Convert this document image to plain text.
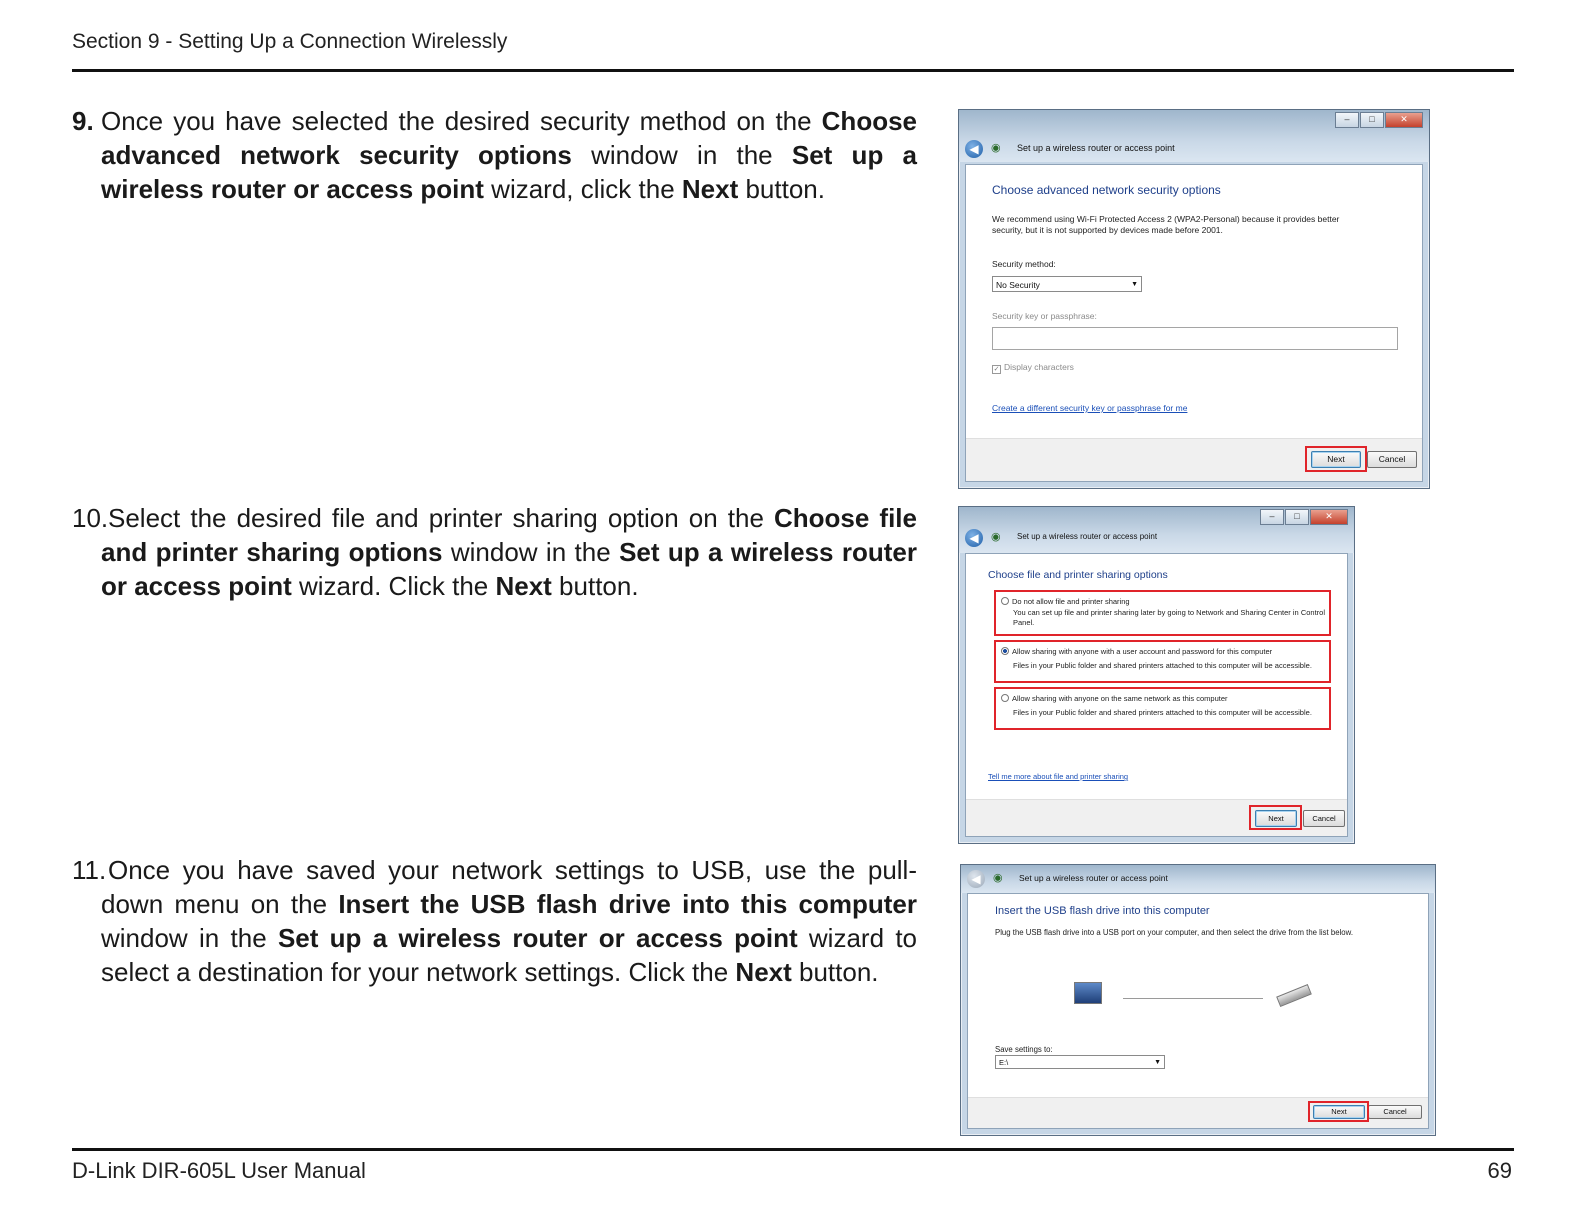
Section 9 - Setting Up a Connection Wirelessly
9. Once you have selected the desired security method on the Choose advanced network security options window in the Set up a wireless router or access point wizard, click the Next button.
10. Select the desired file and printer sharing option on the Choose file and printer sharing options window in the Set up a wireless router or access point wizard. Click the Next button.
11. Once you have saved your network settings to USB, use the pull-down menu on the Insert the USB flash drive into this computer window in the Set up a wireless router or access point wizard to select a destination for your network settings. Click the Next button.
–	□	✕
◀	◉	Set up a wireless router or access point
Choose advanced network security options
We recommend using Wi-Fi Protected Access 2 (WPA2-Personal) because it provides better security, but it is not supported by devices made before 2001.
Security method:
No Security	▼
Security key or passphrase:
✓ Display characters
Create a different security key or passphrase for me
Next	Cancel
–	□	✕
◀	◉	Set up a wireless router or access point
Choose file and printer sharing options
Do not allow file and printer sharing
You can set up file and printer sharing later by going to Network and Sharing Center in Control Panel.
Allow sharing with anyone with a user account and password for this computer
Files in your Public folder and shared printers attached to this computer will be accessible.
Allow sharing with anyone on the same network as this computer
Files in your Public folder and shared printers attached to this computer will be accessible.
Tell me more about file and printer sharing
Next	Cancel
◀	◉	Set up a wireless router or access point
Insert the USB flash drive into this computer
Plug the USB flash drive into a USB port on your computer, and then select the drive from the list below.
Save settings to:
E:\	▼
Next	Cancel
D-Link DIR-605L User Manual	69
